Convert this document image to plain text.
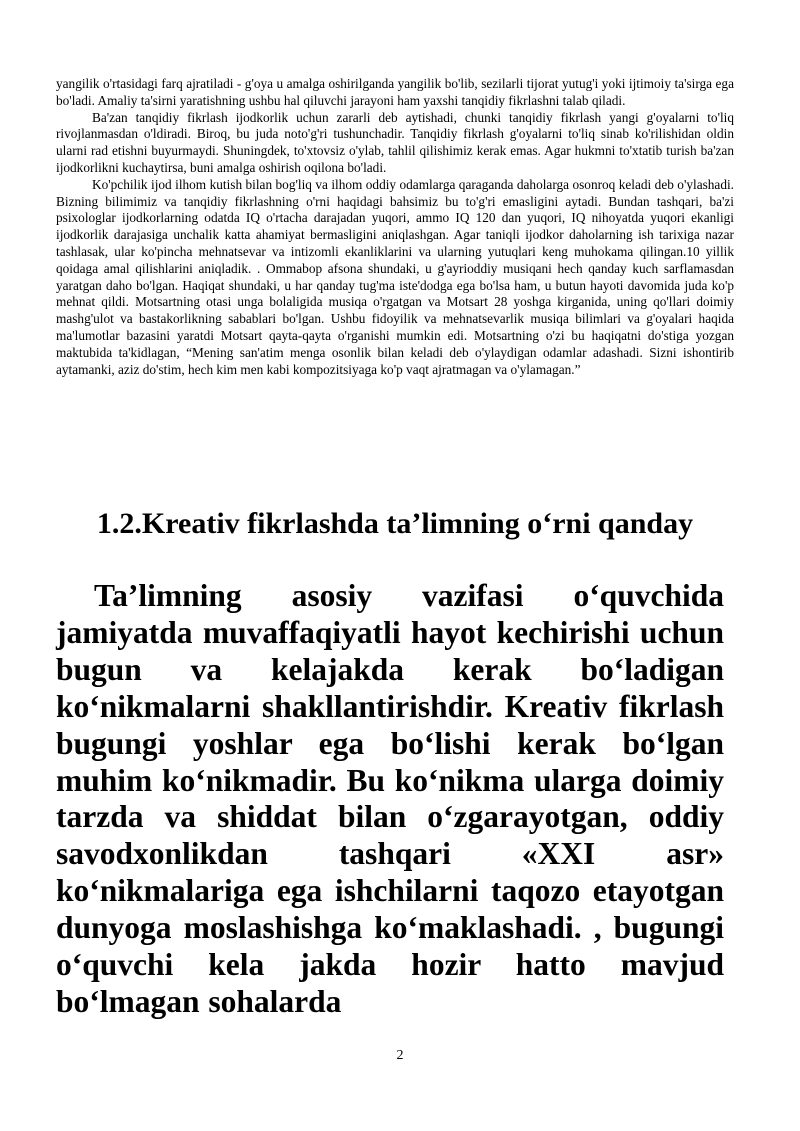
yangilik o'rtasidagi farq ajratiladi - g'oya u amalga oshirilganda yangilik bo'lib, sezilarli tijorat yutug'i yoki ijtimoiy ta'sirga ega bo'ladi. Amaliy ta'sirni yaratishning ushbu hal qiluvchi jarayoni ham yaxshi tanqidiy fikrlashni talab qiladi.

Ba'zan tanqidiy fikrlash ijodkorlik uchun zararli deb aytishadi, chunki tanqidiy fikrlash yangi g'oyalarni to'liq rivojlanmasdan o'ldiradi. Biroq, bu juda noto'g'ri tushunchadir. Tanqidiy fikrlash g'oyalarni to'liq sinab ko'rilishidan oldin ularni rad etishni buyurmaydi. Shuningdek, to'xtovsiz o'ylab, tahlil qilishimiz kerak emas. Agar hukmni to'xtatib turish ba'zan ijodkorlikni kuchaytirsa, buni amalga oshirish oqilona bo'ladi.

Ko'pchilik ijod ilhom kutish bilan bog'liq va ilhom oddiy odamlarga qaraganda daholarga osonroq keladi deb o'ylashadi. Bizning bilimimiz va tanqidiy fikrlashning o'rni haqidagi bahsimiz bu to'g'ri emasligini aytadi. Bundan tashqari, ba'zi psixologlar ijodkorlarning odatda IQ o'rtacha darajadan yuqori, ammo IQ 120 dan yuqori, IQ nihoyatda yuqori ekanligi ijodkorlik darajasiga unchalik katta ahamiyat bermasligini aniqlashgan. Agar taniqli ijodkor daholarning ish tarixiga nazar tashlasak, ular ko'pincha mehnatsevar va intizomli ekanliklarini va ularning yutuqlari keng muhokama qilingan.10 yillik qoidaga amal qilishlarini aniqladik. . Ommabop afsona shundaki, u g'ayrioddiy musiqani hech qanday kuch sarflamasdan yaratgan daho bo'lgan. Haqiqat shundaki, u har qanday tug'ma iste'dodga ega bo'lsa ham, u butun hayoti davomida juda ko'p mehnat qildi. Motsartning otasi unga bolaligida musiqa o'rgatgan va Motsart 28 yoshga kirganida, uning qo'llari doimiy mashg'ulot va bastakorlikning sabablari bo'lgan. Ushbu fidoyilik va mehnatsevarlik musiqa bilimlari va g'oyalari haqida ma'lumotlar bazasini yaratdi Motsart qayta-qayta o'rganishi mumkin edi. Motsartning o'zi bu haqiqatni do'stiga yozgan maktubida ta'kidlagan, “Mening san'atim menga osonlik bilan keladi deb o'ylaydigan odamlar adashadi. Sizni ishontirib aytamanki, aziz do'stim, hech kim men kabi kompozitsiyaga ko'p vaqt ajratmagan va o'ylamagan.”

1.2.Kreativ fikrlashda ta’limning o‘rni qanday

Ta’limning asosiy vazifasi o‘quvchida jamiyatda muvaffaqiyatli hayot kechirishi uchun bugun va kelajakda kerak bo‘ladigan ko‘nikmalarni shakllantirishdir. Kreativ fikrlash bugungi yoshlar ega bo‘lishi kerak bo‘lgan muhim ko‘nikmadir. Bu ko‘nikma ularga doimiy tarzda va shiddat bilan o‘zgarayotgan, oddiy savodxonlikdan tashqari «XXI asr» ko‘nikmalariga ega ishchilarni taqozo etayotgan dunyoga moslashishga ko‘maklashadi. , bugungi o‘quvchi kela jakda hozir hatto mavjud bo‘lmagan sohalarda

2
